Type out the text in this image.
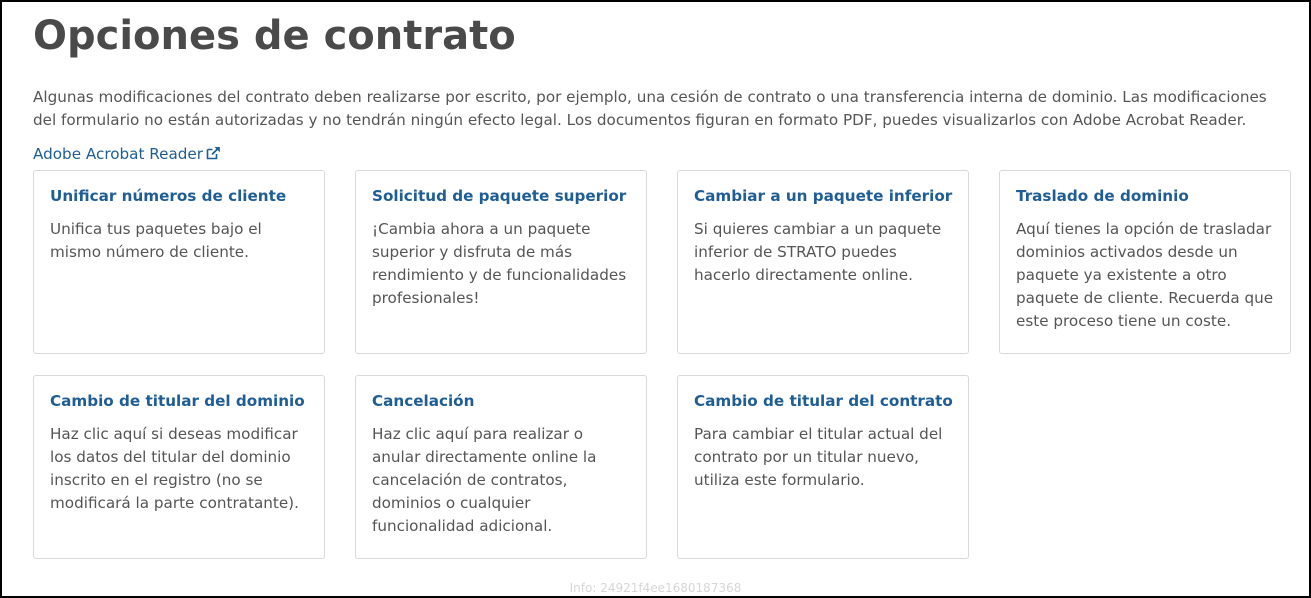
Opciones de contrato

Algunas modificaciones del contrato deben realizarse por escrito, por ejemplo, una cesión de contrato o una transferencia interna de dominio. Las modificaciones del formulario no están autorizadas y no tendrán ningún efecto legal. Los documentos figuran en formato PDF, puedes visualizarlos con Adobe Acrobat Reader.

Adobe Acrobat Reader
Unificar números de cliente

Unifica tus paquetes bajo el mismo número de cliente.

Solicitud de paquete superior

¡Cambia ahora a un paquete superior y disfruta de más rendimiento y de funcionalidades profesionales!

Cambiar a un paquete inferior

Si quieres cambiar a un paquete inferior de STRATO puedes hacerlo directamente online.

Traslado de dominio

Aquí tienes la opción de trasladar dominios activados desde un paquete ya existente a otro paquete de cliente. Recuerda que este proceso tiene un coste.

Cambio de titular del dominio

Haz clic aquí si deseas modificar los datos del titular del dominio inscrito en el registro (no se modificará la parte contratante).

Cancelación

Haz clic aquí para realizar o anular directamente online la cancelación de contratos, dominios o cualquier funcionalidad adicional.

Cambio de titular del contrato

Para cambiar el titular actual del contrato por un titular nuevo, utiliza este formulario.

Info: 24921f4ee1680187368
